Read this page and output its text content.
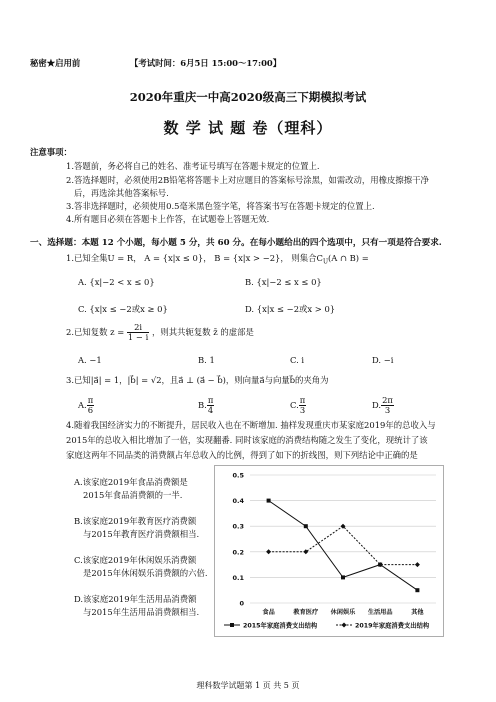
秘密★启用前	【考试时间：6月5日 15:00～17:00】
2020年重庆一中高2020级高三下期模拟考试
数 学 试 题 卷（理科）
注意事项：
1.答题前，务必将自己的姓名、准考证号填写在答题卡规定的位置上.
2.答选择题时，必须使用2B铅笔将答题卡上对应题目的答案标号涂黑，如需改动，用橡皮擦擦干净
后，再选涂其他答案标号.
3.答非选择题时，必须使用0.5毫米黑色签字笔，将答案书写在答题卡规定的位置上.
4.所有题目必须在答题卡上作答，在试题卷上答题无效.
一、选择题：本题 12 个小题，每小题 5 分，共 60 分。在每小题给出的四个选项中，只有一项是符合要求.
1.已知全集U = R， A = {x|x ≤ 0}， B = {x|x > −2}， 则集合$C_U(A$ ∩ B) =
A. {x|−2 < x ≤ 0}	B. {x|−2 ≤ x ≤ 0}
C. {x|x ≤ −2或x ≥ 0}	D. {x|x ≤ −2或x > 0}
2.已知复数 $z = \frac{2i}{1 - i}$ ，则其共轭复数 z̄ 的虚部是
A. −1	B. 1	C. i	D. −i
3.已知|a⃗| = 1，|b⃗| = √2，且a⃗ ⊥ (a⃗ − b⃗)，则向量a⃗与向量b⃗的夹角为
A. $\frac{\pi}{6}$	B. $\frac{\pi}{4}$	C. $\frac{\pi}{3}$	D. $\frac{2\pi}{3}$
4.随着我国经济实力的不断提升，居民收入也在不断增加. 抽样发现重庆市某家庭2019年的总收入与
2015年的总收入相比增加了一倍，实现翻番. 同时该家庭的消费结构随之发生了变化，现统计了该
家庭这两年不同品类的消费额占年总收入的比例，得到了如下的折线图，则下列结论中正确的是
A.该家庭2019年食品消费额是
2015年食品消费额的一半.
B.该家庭2019年教育医疗消费额
与2015年教育医疗消费额相当.
C.该家庭2019年休闲娱乐消费额
是2015年休闲娱乐消费额的六倍.
D.该家庭2019年生活用品消费额
与2015年生活用品消费额相当.
0
0.1
0.2
0.3
0.4
0.5
食品	教育医疗 休闲娱乐 生活用品	其他
2015年家庭消费支出结构	2019年家庭消费支出结构
理科数学试题第 1 页 共 5 页
